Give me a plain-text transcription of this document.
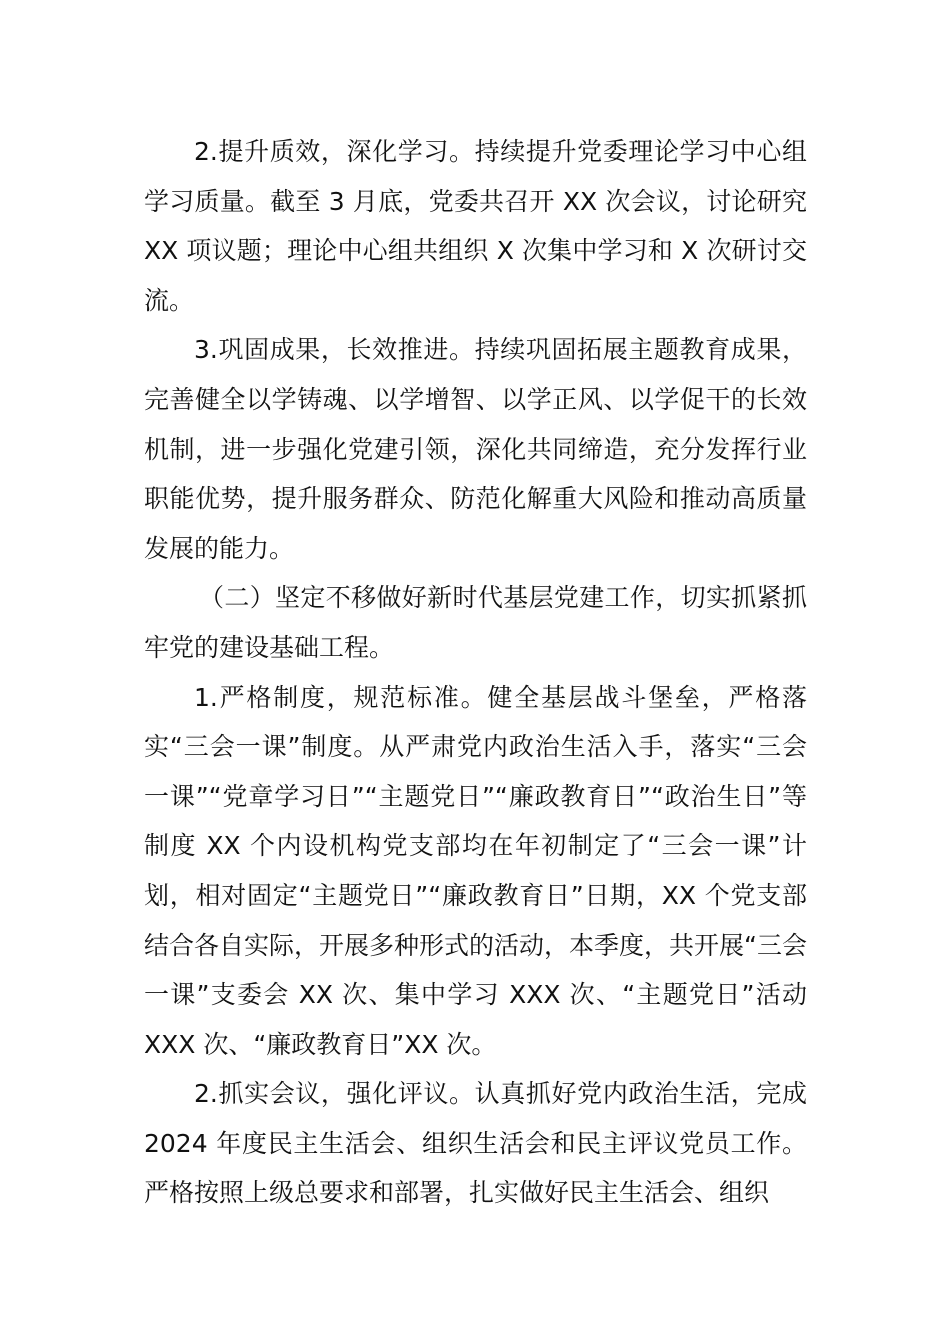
2.提升质效，深化学习。持续提升党委理论学习中心组学习质量。截至 3 月底，党委共召开 XX 次会议，讨论研究 XX 项议题；理论中心组共组织 X 次集中学习和 X 次研讨交流。

3.巩固成果，长效推进。持续巩固拓展主题教育成果，完善健全以学铸魂、以学增智、以学正风、以学促干的长效机制，进一步强化党建引领，深化共同缔造，充分发挥行业职能优势，提升服务群众、防范化解重大风险和推动高质量发展的能力。

（二）坚定不移做好新时代基层党建工作，切实抓紧抓牢党的建设基础工程。

1.严格制度，规范标准。健全基层战斗堡垒，严格落实“三会一课”制度。从严肃党内政治生活入手，落实“三会一课”“党章学习日”“主题党日”“廉政教育日”“政治生日”等制度 XX 个内设机构党支部均在年初制定了“三会一课”计划，相对固定“主题党日”“廉政教育日”日期，XX 个党支部结合各自实际，开展多种形式的活动，本季度，共开展“三会一课”支委会 XX 次、集中学习 XXX 次、“主题党日”活动 XXX 次、“廉政教育日”XX 次。

2.抓实会议，强化评议。认真抓好党内政治生活，完成 2024 年度民主生活会、组织生活会和民主评议党员工作。严格按照上级总要求和部署，扎实做好民主生活会、组织
